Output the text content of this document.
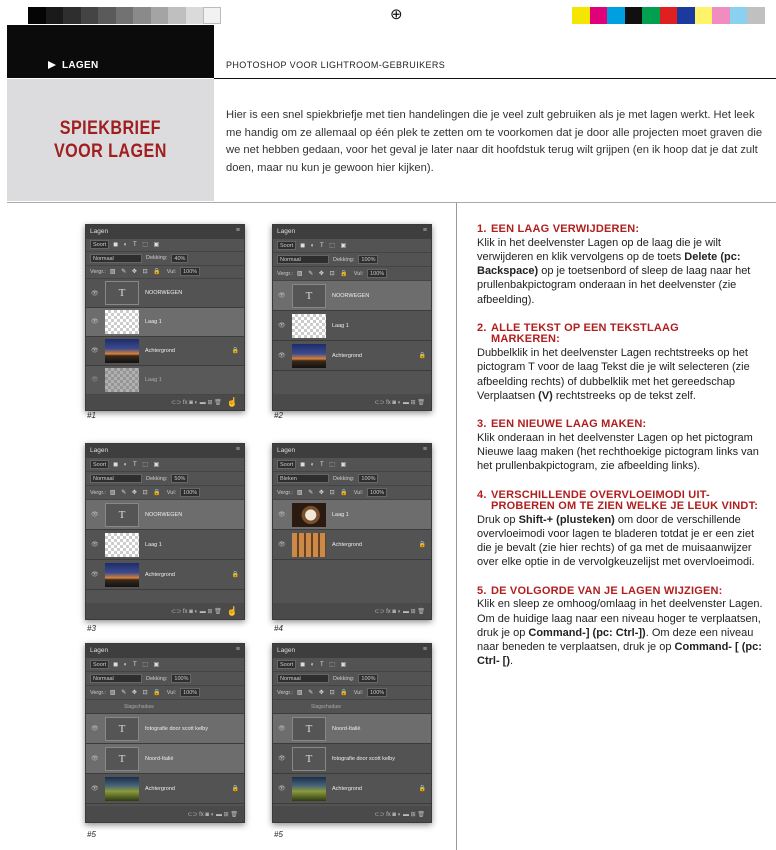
⊕
LAGEN	PHOTOSHOP VOOR LIGHTROOM-GEBRUIKERS
SPIEKBRIEF
VOOR LAGEN

Hier is een snel spiekbriefje met tien handelingen die je veel zult gebruiken als je met lagen werkt. Het leek me handig om ze allemaal op één plek te zetten om te voorkomen dat je door alle projecten moet graven die we net hebben gedaan, voor het geval je later naar dit hoofdstuk terug wilt grijpen (en ik hoop dat je dat zult doen, maar nu kun je gewoon hier kijken).

Lagen	≡
Soort	◼ ◐ T ⬚ ▣
Normaal	Dekking:	40%
Vergr.: ▨ ✎ ✥ ⊡ 🔒 Vul:	100%
👁	T	NOORWEGEN
👁	Laag 1
👁	Achtergrond	🔒
👁	Laag 1
⊂⊃ fx ◙ ◐ ▬ ⊞ 🗑 ☝
#1
Lagen	≡
Soort	◼ ◐ T ⬚ ▣
Normaal	Dekking:	100%
Vergr.: ▨ ✎ ✥ ⊡ 🔒 Vul:	100%
👁	T	NOORWEGEN
👁	Laag 1
👁	Achtergrond	🔒
⊂⊃ fx ◙ ◐ ▬ ⊞ 🗑
#2
Lagen	≡
Soort	◼ ◐ T ⬚ ▣
Normaal	Dekking:	50%
Vergr.: ▨ ✎ ✥ ⊡ 🔒 Vul:	100%
👁	T	NOORWEGEN
👁	Laag 1
👁	Achtergrond	🔒
⊂⊃ fx ◙ ◐ ▬ ⊞ 🗑 ☝
#3
Lagen	≡
Soort	◼ ◐ T ⬚ ▣
Bleken	Dekking:	100%
Vergr.: ▨ ✎ ✥ ⊡ 🔒 Vul:	100%
👁	Laag 1
👁	Achtergrond	🔒
⊂⊃ fx ◙ ◐ ▬ ⊞ 🗑
#4
Lagen	≡
Soort	◼ ◐ T ⬚ ▣
Normaal	Dekking:	100%
Vergr.: ▨ ✎ ✥ ⊡ 🔒 Vul:	100%
Slagschaduw
👁	T	fotografie door scott kelby
👁	T	Noord-Italië
👁	Achtergrond	🔒
⊂⊃ fx ◙ ◐ ▬ ⊞ 🗑
#5
Lagen	≡
Soort	◼ ◐ T ⬚ ▣
Normaal	Dekking:	100%
Vergr.: ▨ ✎ ✥ ⊡ 🔒 Vul:	100%
Slagschaduw
👁	T	Noord-Italië
👁	T	fotografie door scott kelby
👁	Achtergrond	🔒
⊂⊃ fx ◙ ◐ ▬ ⊞ 🗑
#5
1. EEN LAAG VERWIJDEREN:

Klik in het deelvenster Lagen op de laag die je wilt verwijderen en klik vervolgens op de toets Delete (pc: Backspace) op je toetsenbord of sleep de laag naar het prullenbakpictogram onderaan in het deelvenster (zie afbeelding).

2. ALLE TEKST OP EEN TEKSTLAAG
MARKEREN:

Dubbelklik in het deelvenster Lagen rechtstreeks op het pictogram T voor de laag Tekst die je wilt selecteren (zie afbeelding rechts) of dubbelklik met het gereedschap Verplaatsen (V) rechtstreeks op de tekst zelf.

3. EEN NIEUWE LAAG MAKEN:

Klik onderaan in het deelvenster Lagen op het pictogram Nieuwe laag maken (het rechthoekige pictogram links van het prullenbakpictogram, zie afbeelding links).

4. VERSCHILLENDE OVERVLOEIMODI UIT-
PROBEREN OM TE ZIEN WELKE JE LEUK VINDT:

Druk op Shift-+ (plusteken) om door de verschillende overvloeimodi voor lagen te bladeren totdat je er een ziet die je bevalt (zie hier rechts) of ga met de muisaanwijzer over elke optie in de vervolgkeuzelijst met overvloeimodi.

5. DE VOLGORDE VAN JE LAGEN WIJZIGEN:

Klik en sleep ze omhoog/omlaag in het deelvenster Lagen. Om de huidige laag naar een niveau hoger te verplaatsen, druk je op Command-] (pc: Ctrl-]). Om deze een niveau naar beneden te verplaatsen, druk je op Command- [ (pc: Ctrl- [).
